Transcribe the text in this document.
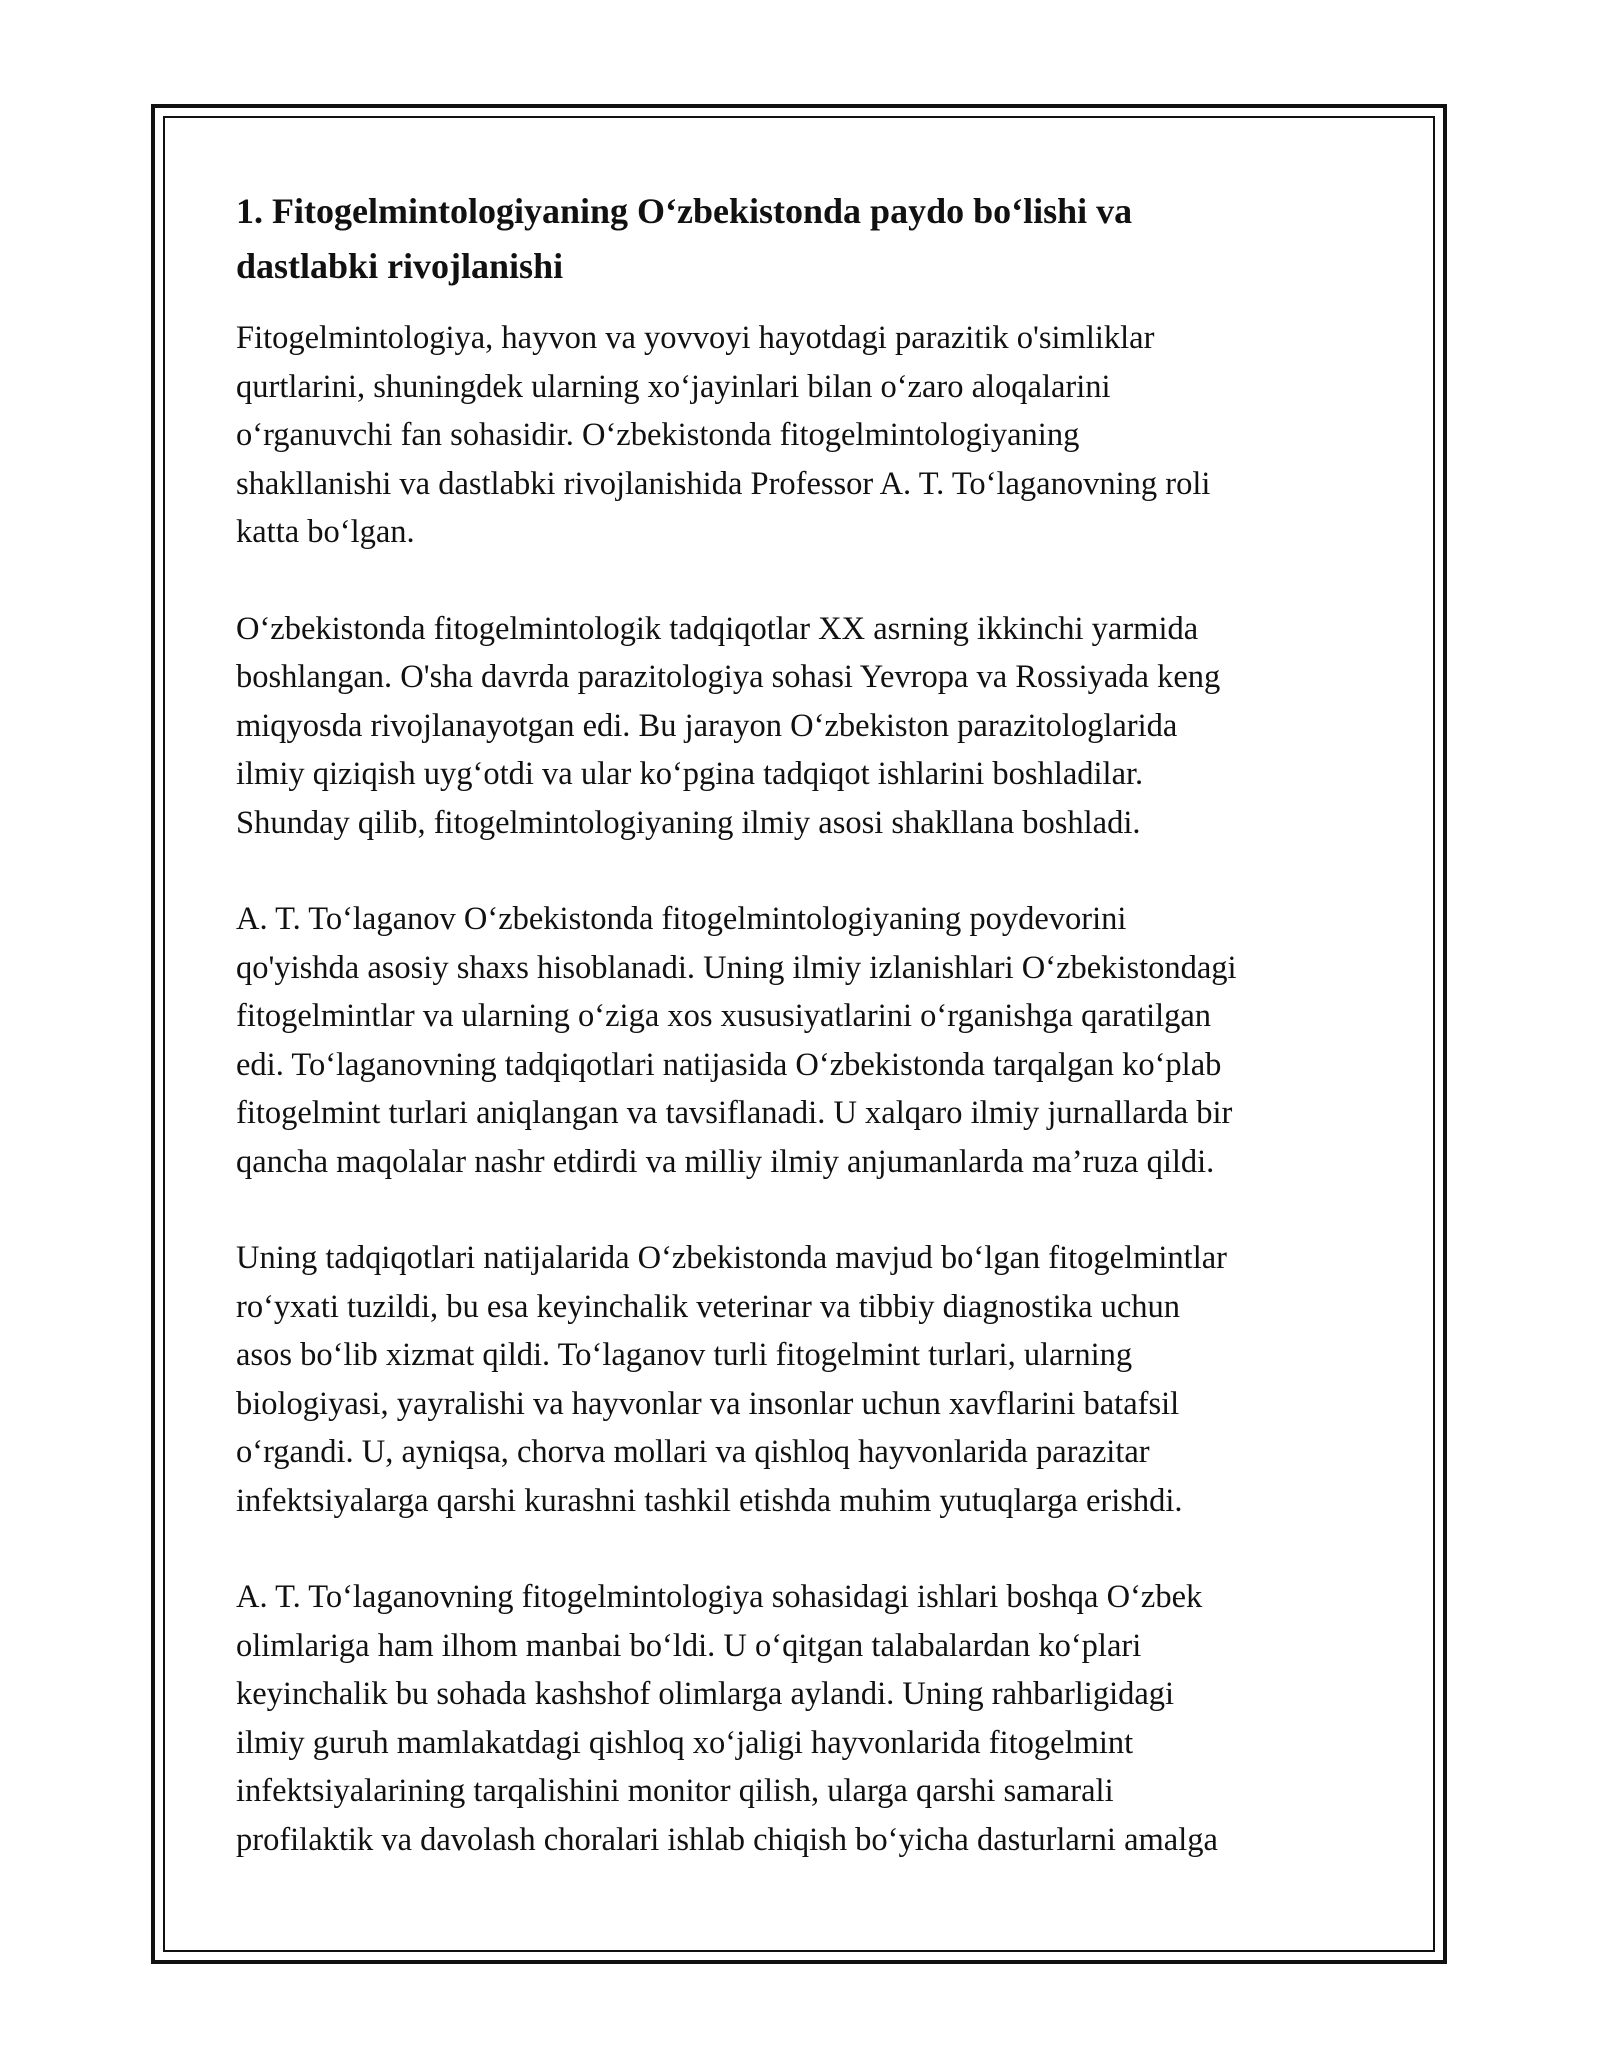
1. Fitogelmintologiyaning O‘zbekistonda paydo bo‘lishi va
dastlabki rivojlanishi

Fitogelmintologiya, hayvon va yovvoyi hayotdagi parazitik o'simliklar
qurtlarini, shuningdek ularning xo‘jayinlari bilan o‘zaro aloqalarini
o‘rganuvchi fan sohasidir. O‘zbekistonda fitogelmintologiyaning
shakllanishi va dastlabki rivojlanishida Professor A. T. To‘laganovning roli
katta bo‘lgan.

O‘zbekistonda fitogelmintologik tadqiqotlar XX asrning ikkinchi yarmida
boshlangan. O'sha davrda parazitologiya sohasi Yevropa va Rossiyada keng
miqyosda rivojlanayotgan edi. Bu jarayon O‘zbekiston parazitologlarida
ilmiy qiziqish uyg‘otdi va ular ko‘pgina tadqiqot ishlarini boshladilar.
Shunday qilib, fitogelmintologiyaning ilmiy asosi shakllana boshladi.

A. T. To‘laganov O‘zbekistonda fitogelmintologiyaning poydevorini
qo'yishda asosiy shaxs hisoblanadi. Uning ilmiy izlanishlari O‘zbekistondagi
fitogelmintlar va ularning o‘ziga xos xususiyatlarini o‘rganishga qaratilgan
edi. To‘laganovning tadqiqotlari natijasida O‘zbekistonda tarqalgan ko‘plab
fitogelmint turlari aniqlangan va tavsiflanadi. U xalqaro ilmiy jurnallarda bir
qancha maqolalar nashr etdirdi va milliy ilmiy anjumanlarda ma’ruza qildi.

Uning tadqiqotlari natijalarida O‘zbekistonda mavjud bo‘lgan fitogelmintlar
ro‘yxati tuzildi, bu esa keyinchalik veterinar va tibbiy diagnostika uchun
asos bo‘lib xizmat qildi. To‘laganov turli fitogelmint turlari, ularning
biologiyasi, yayralishi va hayvonlar va insonlar uchun xavflarini batafsil
o‘rgandi. U, ayniqsa, chorva mollari va qishloq hayvonlarida parazitar
infektsiyalarga qarshi kurashni tashkil etishda muhim yutuqlarga erishdi.

A. T. To‘laganovning fitogelmintologiya sohasidagi ishlari boshqa O‘zbek
olimlariga ham ilhom manbai bo‘ldi. U o‘qitgan talabalardan ko‘plari
keyinchalik bu sohada kashshof olimlarga aylandi. Uning rahbarligidagi
ilmiy guruh mamlakatdagi qishloq xo‘jaligi hayvonlarida fitogelmint
infektsiyalarining tarqalishini monitor qilish, ularga qarshi samarali
profilaktik va davolash choralari ishlab chiqish bo‘yicha dasturlarni amalga
